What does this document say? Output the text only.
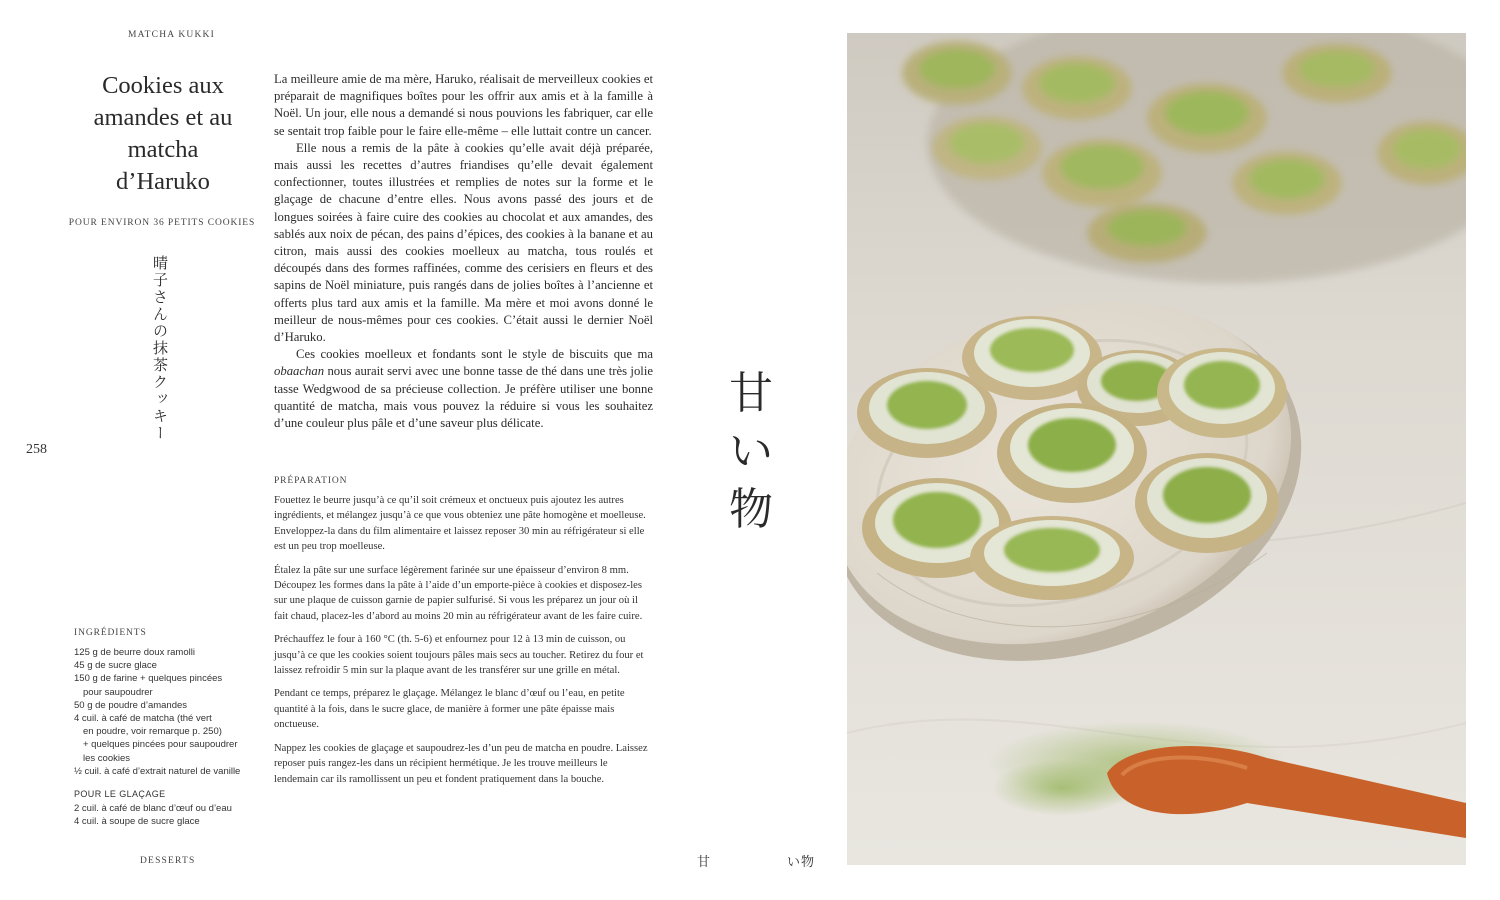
MATCHA KUKKI
Cookies aux amandes et au matcha d’Haruko
POUR ENVIRON 36 PETITS COOKIES
晴子さんの抹茶クッキー
258
INGRÉDIENTS
125 g de beurre doux ramolli
45 g de sucre glace
150 g de farine + quelques pincées
pour saupoudrer
50 g de poudre d’amandes
4 cuil. à café de matcha (thé vert
en poudre, voir remarque p. 250)
+ quelques pincées pour saupoudrer
les cookies
½ cuil. à café d’extrait naturel de vanille
POUR LE GLAÇAGE
2 cuil. à café de blanc d’œuf ou d’eau
4 cuil. à soupe de sucre glace
DESSERTS

La meilleure amie de ma mère, Haruko, réalisait de merveilleux cookies et préparait de magnifiques boîtes pour les offrir aux amis et à la famille à Noël. Un jour, elle nous a demandé si nous pouvions les fabriquer, car elle se sentait trop faible pour le faire elle-même – elle luttait contre un cancer.

Elle nous a remis de la pâte à cookies qu’elle avait déjà préparée, mais aussi les recettes d’autres friandises qu’elle devait également confectionner, toutes illustrées et remplies de notes sur la forme et le glaçage de chacune d’entre elles. Nous avons passé des jours et de longues soirées à faire cuire des cookies au chocolat et aux amandes, des sablés aux noix de pécan, des pains d’épices, des cookies à la banane et au citron, mais aussi des cookies moelleux au matcha, tous roulés et découpés dans des formes raffinées, comme des cerisiers en fleurs et des sapins de Noël miniature, puis rangés dans de jolies boîtes à l’ancienne et offerts plus tard aux amis et la famille. Ma mère et moi avons donné le meilleur de nous-mêmes pour ces cookies. C’était aussi le dernier Noël d’Haruko.

Ces cookies moelleux et fondants sont le style de biscuits que ma obaachan nous aurait servi avec une bonne tasse de thé dans une très jolie tasse Wedgwood de sa précieuse collection. Je préfère utiliser une bonne quantité de matcha, mais vous pouvez la réduire si vous les souhaitez d’une couleur plus pâle et d’une saveur plus délicate.

PRÉPARATION

Fouettez le beurre jusqu’à ce qu’il soit crémeux et onctueux puis ajoutez les autres ingrédients, et mélangez jusqu’à ce que vous obteniez une pâte homogène et moelleuse. Enveloppez-la dans du film alimentaire et laissez reposer 30 min au réfrigérateur si elle est un peu trop moelleuse.

Étalez la pâte sur une surface légèrement farinée sur une épaisseur d’environ 8 mm. Découpez les formes dans la pâte à l’aide d’un emporte-pièce à cookies et disposez-les sur une plaque de cuisson garnie de papier sulfurisé. Si vous les préparez un jour où il fait chaud, placez-les d’abord au moins 20 min au réfrigérateur avant de les faire cuire.

Préchauffez le four à 160 °C (th. 5-6) et enfournez pour 12 à 13 min de cuisson, ou jusqu’à ce que les cookies soient toujours pâles mais secs au toucher. Retirez du four et laissez refroidir 5 min sur la plaque avant de les transférer sur une grille en métal.

Pendant ce temps, préparez le glaçage. Mélangez le blanc d’œuf ou l’eau, en petite quantité à la fois, dans le sucre glace, de manière à former une pâte épaisse mais onctueuse.

Nappez les cookies de glaçage et saupoudrez-les d’un peu de matcha en poudre. Laissez reposer puis rangez-les dans un récipient hermétique. Je les trouve meilleurs le lendemain car ils ramollissent un peu et fondent pratiquement dans la bouche.

甘
い
物
甘	い物
